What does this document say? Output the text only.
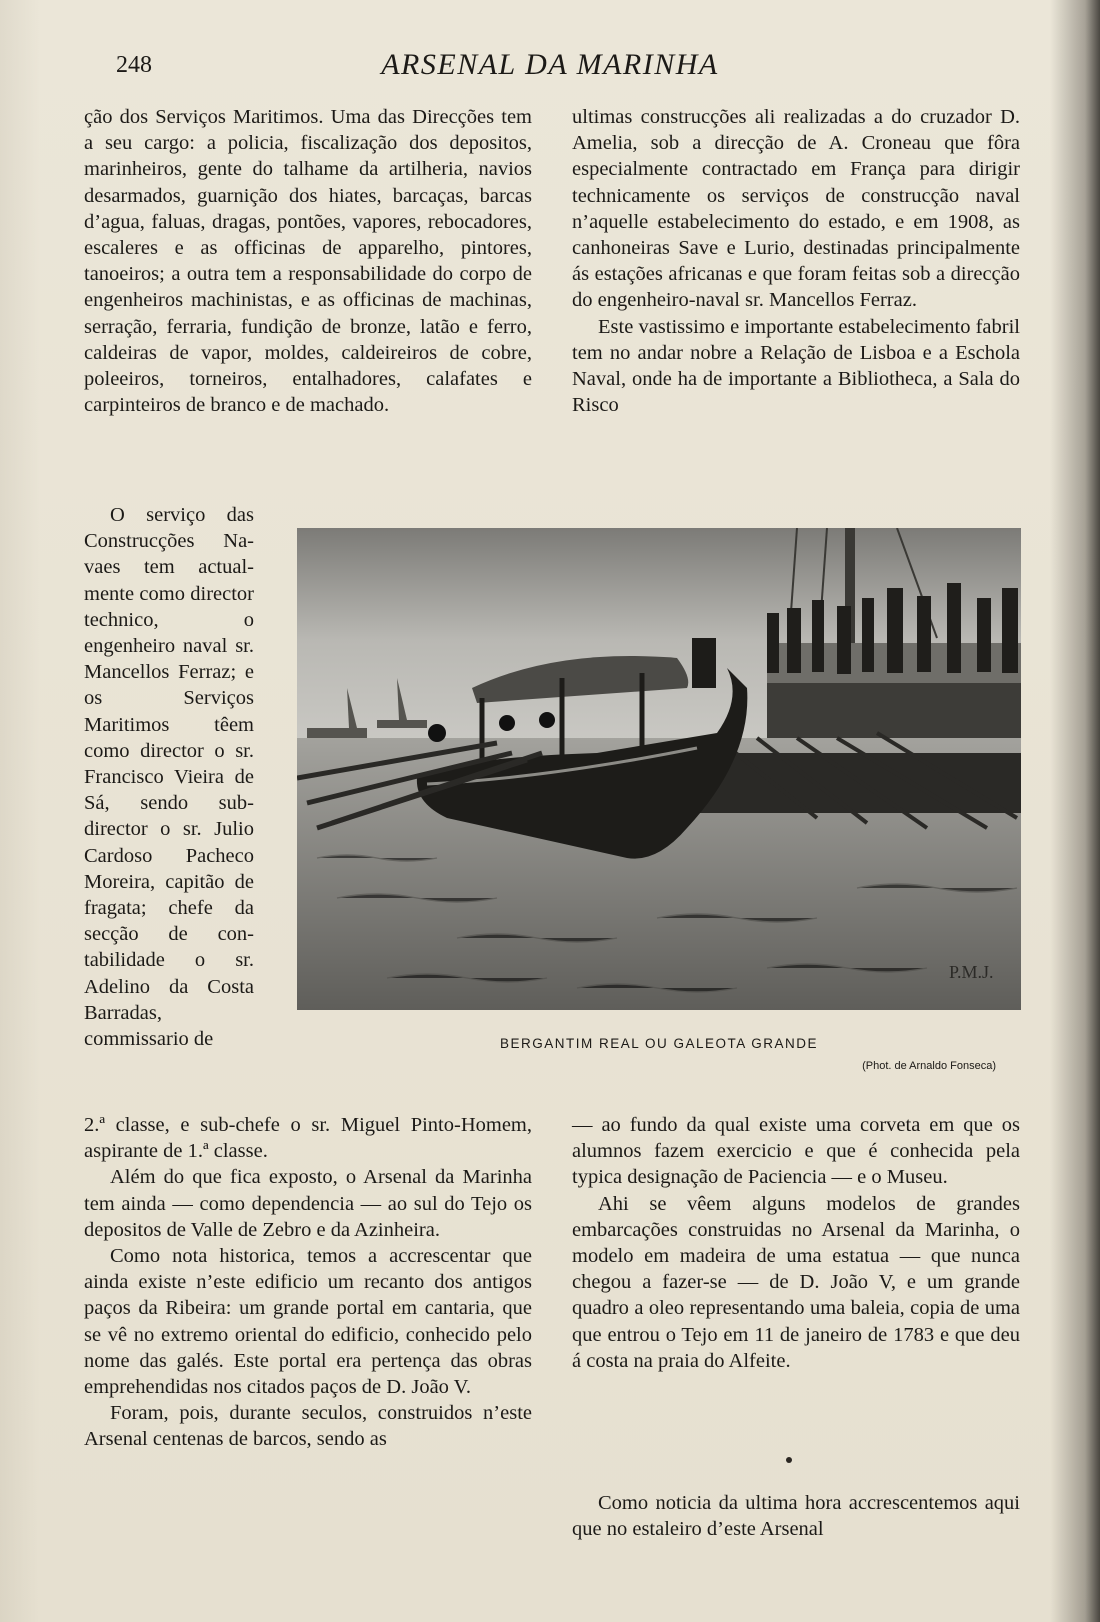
248	ARSENAL DA MARINHA

ção dos Serviços Maritimos. Uma das Direcções tem a seu cargo: a policia, fiscalização dos depositos, marinheiros, gente do talhame da artilheria, navios desarmados, guarnição dos hiates, barcaças, barcas d’agua, faluas, dragas, pontões, vapores, rebocadores, escaleres e as officinas de apparelho, pintores, tanoeiros; a outra tem a responsabilidade do corpo de engenheiros machinistas, e as officinas de machinas, serração, ferraria, fundição de bronze, latão e ferro, caldeiras de vapor, moldes, caldeireiros de cobre, poleeiros, torneiros, entalhadores, calafates e carpinteiros de branco e de machado.

O serviço das Construcções Navaes tem actualmente como director technico, o engenheiro naval sr. Mancellos Ferraz; e os Serviços Maritimos têem como director o sr. Francisco Vieira de Sá, sendo subdirector o sr. Julio Cardoso Pacheco Moreira, capitão de fragata; chefe da secção de contabilidade o sr. Adelino da Costa Barradas, commissario de

P.M.J.
BERGANTIM REAL OU GALEOTA GRANDE
(Phot. de Arnaldo Fonseca)

ultimas construcções ali realizadas a do cruzador D. Amelia, sob a direcção de A. Croneau que fôra especialmente contractado em França para dirigir technicamente os serviços de construcção naval n’aquelle estabelecimento do estado, e em 1908, as canhoneiras Save e Lurio, destinadas principalmente ás estações africanas e que foram feitas sob a direcção do engenheiro-naval sr. Mancellos Ferraz.

Este vastissimo e importante estabelecimento fabril tem no andar nobre a Relação de Lisboa e a Eschola Naval, onde ha de importante a Bibliotheca, a Sala do Risco

2.ª classe, e sub-chefe o sr. Miguel Pinto-Homem, aspirante de 1.ª classe.

Além do que fica exposto, o Arsenal da Marinha tem ainda — como dependencia — ao sul do Tejo os depositos de Valle de Zebro e da Azinheira.

Como nota historica, temos a accrescentar que ainda existe n’este edificio um recanto dos antigos paços da Ribeira: um grande portal em cantaria, que se vê no extremo oriental do edificio, conhecido pelo nome das galés. Este portal era pertença das obras emprehendidas nos citados paços de D. João V.

Foram, pois, durante seculos, construidos n’este Arsenal centenas de barcos, sendo as

— ao fundo da qual existe uma corveta em que os alumnos fazem exercicio e que é conhecida pela typica designação de Paciencia — e o Museu.

Ahi se vêem alguns modelos de grandes embarcações construidas no Arsenal da Marinha, o modelo em madeira de uma estatua — que nunca chegou a fazer-se — de D. João V, e um grande quadro a oleo representando uma baleia, copia de uma que entrou o Tejo em 11 de janeiro de 1783 e que deu á costa na praia do Alfeite.

Como noticia da ultima hora accrescentemos aqui que no estaleiro d’este Arsenal
